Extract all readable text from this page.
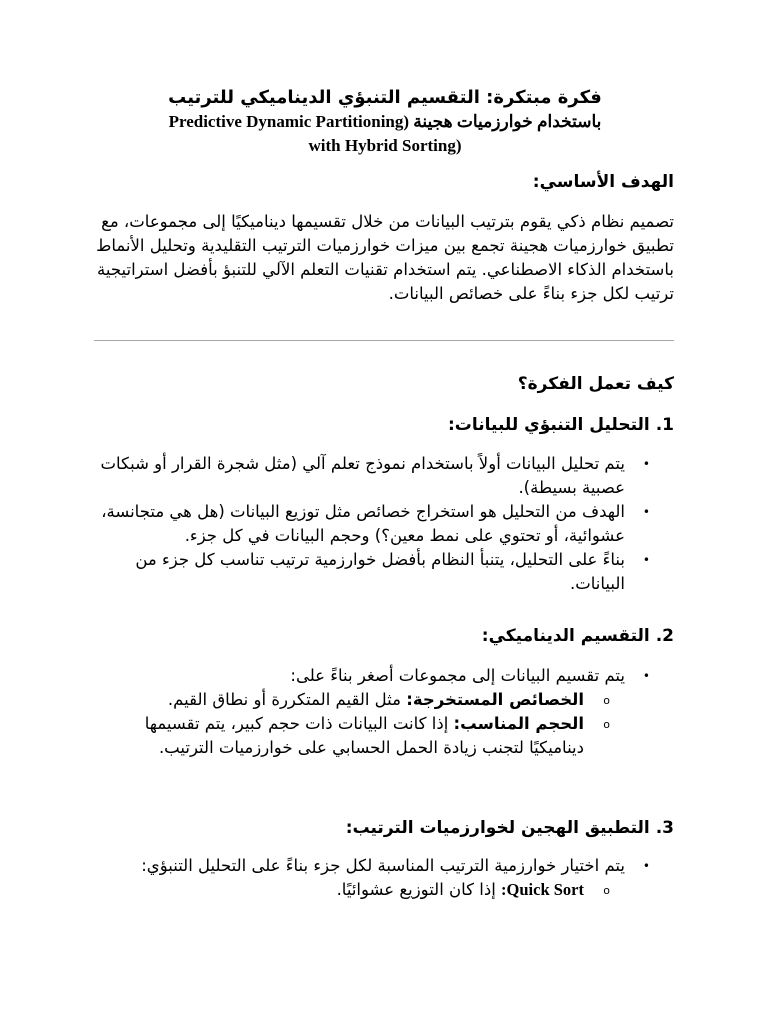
فكرة مبتكرة: التقسيم التنبؤي الديناميكي للترتيب
باستخدام خوارزميات هجينة (Predictive Dynamic Partitioning
(with Hybrid Sorting
الهدف الأساسي:
تصميم نظام ذكي يقوم بترتيب البيانات من خلال تقسيمها ديناميكيًا إلى مجموعات، مع تطبيق خوارزميات هجينة تجمع بين ميزات خوارزميات الترتيب التقليدية وتحليل الأنماط باستخدام الذكاء الاصطناعي. يتم استخدام تقنيات التعلم الآلي للتنبؤ بأفضل استراتيجية ترتيب لكل جزء بناءً على خصائص البيانات.
كيف تعمل الفكرة؟
1. التحليل التنبؤي للبيانات:
•
يتم تحليل البيانات أولاً باستخدام نموذج تعلم آلي (مثل شجرة القرار أو شبكات عصبية بسيطة).
•
الهدف من التحليل هو استخراج خصائص مثل توزيع البيانات (هل هي متجانسة، عشوائية، أو تحتوي على نمط معين؟) وحجم البيانات في كل جزء.
•
بناءً على التحليل، يتنبأ النظام بأفضل خوارزمية ترتيب تناسب كل جزء من البيانات.
2. التقسيم الديناميكي:
•
يتم تقسيم البيانات إلى مجموعات أصغر بناءً على:
o
الخصائص المستخرجة: مثل القيم المتكررة أو نطاق القيم.
o
الحجم المناسب: إذا كانت البيانات ذات حجم كبير، يتم تقسيمها ديناميكيًا لتجنب زيادة الحمل الحسابي على خوارزميات الترتيب.
3. التطبيق الهجين لخوارزميات الترتيب:
•
يتم اختيار خوارزمية الترتيب المناسبة لكل جزء بناءً على التحليل التنبؤي:
o
Quick Sort: إذا كان التوزيع عشوائيًا.
